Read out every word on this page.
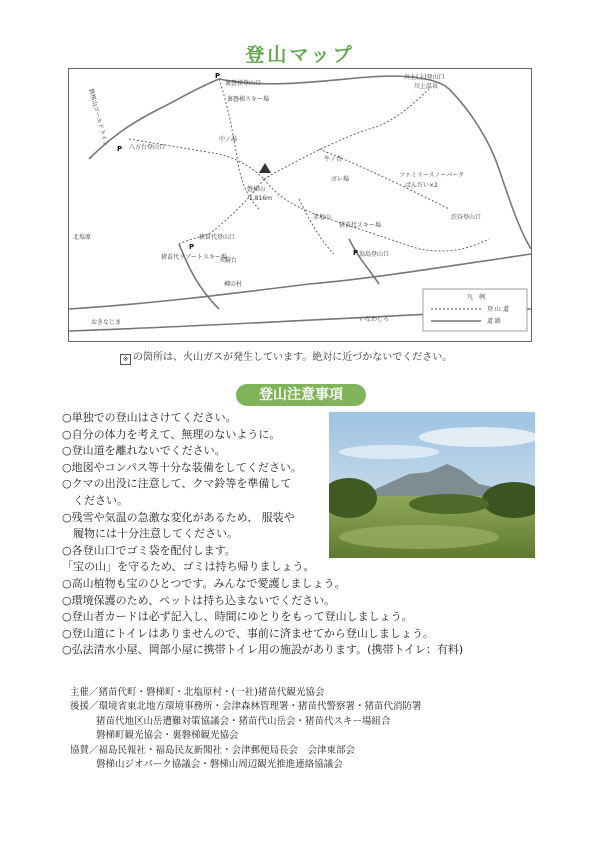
登山マップ
P
P
P
P
川上(上)登山口
川上温泉
裏磐梯登山口
裏磐梯スキー場
磐梯山ゴールドライン
八方台登山口
中ノ湯
磐梯山
1,816m
ガレ場
牛ノ背
ファミリースノーパーク
ばんだい×2
渋谷登山口
北塩原	猪苗代登山口
猪苗代リゾートスキー場
天鏡台
樽の村
猪苗代スキー場
翁島登山口
赤埴山
おきなじま	いなわしろ
凡　例
登 山 道
道 路
※ の箇所は、火山ガスが発生しています。絶対に近づかないでください。
登山注意事項
○単独での登山はさけてください。
○自分の体力を考えて、無理のないように。
○登山道を離れないでください。
○地図やコンパス等十分な装備をしてください。
○クマの出没に注意して、クマ鈴等を準備して
　ください。
○残雪や気温の急激な変化があるため、 服装や
　履物には十分注意してください。
○各登山口でゴミ袋を配付します。
「宝の山」を守るため、ゴミは持ち帰りましょう。
○高山植物も宝のひとつです。みんなで愛護しましょう。
○環境保護のため、ペットは持ち込まないでください。
○登山者カードは必ず記入し、時間にゆとりをもって登山しましょう。
○登山道にトイレはありませんので、事前に済ませてから登山しましょう。
○弘法清水小屋、岡部小屋に携帯トイレ用の施設があります。(携帯トイレ：有料)
主催／猪苗代町・磐梯町・北塩原村・(一社)猪苗代観光協会
後援／環境省東北地方環境事務所・会津森林管理署・猪苗代警察署・猪苗代消防署
猪苗代地区山岳遭難対策協議会・猪苗代山岳会・猪苗代スキー場組合
磐梯町観光協会・裏磐梯観光協会
協賛／福島民報社・福島民友新聞社・会津郵便局長会　会津東部会
磐梯山ジオパーク協議会・磐梯山周辺観光推進連絡協議会
